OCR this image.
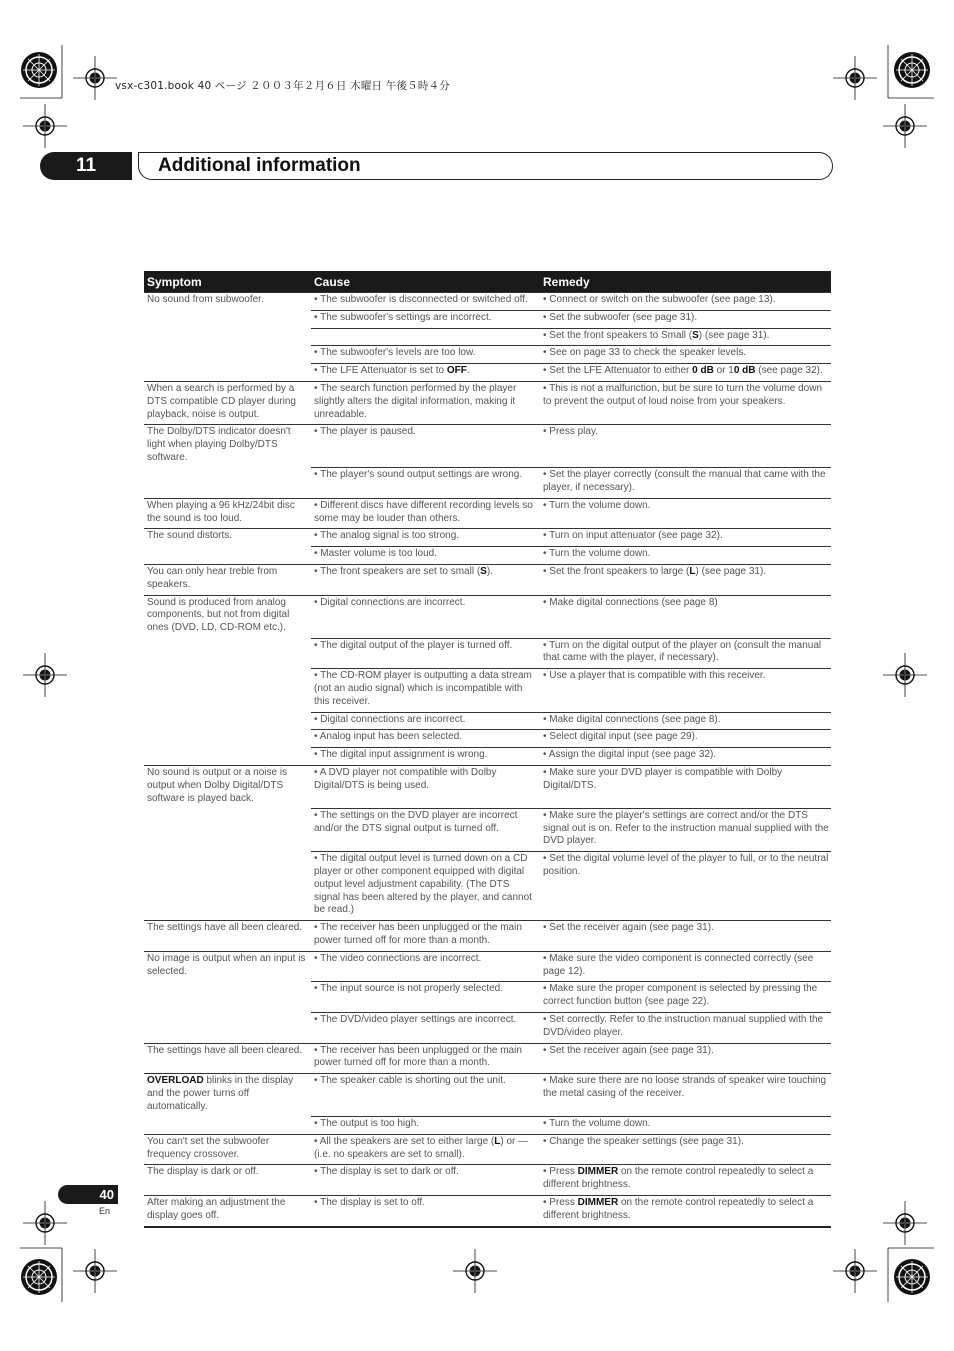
vsx-c301.book 40 ページ ２００３年２月６日 木曜日 午後５時４分
11	Additional information
Symptom	Cause	Remedy
No sound from subwoofer.	• The subwoofer is disconnected or switched off.	• Connect or switch on the subwoofer (see page 13).
	• The subwoofer's settings are incorrect.	• Set the subwoofer (see page 31).
		• Set the front speakers to Small (S) (see page 31).
	• The subwoofer's levels are too low.	• See on page 33 to check the speaker levels.
	• The LFE Attenuator is set to OFF.	• Set the LFE Attenuator to either 0 dB or 10 dB (see page 32).
When a search is performed by a DTS compatible CD player during playback, noise is output.	• The search function performed by the player slightly alters the digital information, making it unreadable.	• This is not a malfunction, but be sure to turn the volume down to prevent the output of loud noise from your speakers.
The Dolby/DTS indicator doesn't light when playing Dolby/DTS software.	• The player is paused.	• Press play.
	• The player's sound output settings are wrong.	• Set the player correctly (consult the manual that came with the player, if necessary).
When playing a 96 kHz/24bit disc the sound is too loud.	• Different discs have different recording levels so some may be louder than others.	• Turn the volume down.
The sound distorts.	• The analog signal is too strong.	• Turn on input attenuator (see page 32).
	• Master volume is too loud.	• Turn the volume down.
You can only hear treble from speakers.	• The front speakers are set to small (S).	• Set the front speakers to large (L) (see page 31).
Sound is produced from analog components, but not from digital ones (DVD, LD, CD-ROM etc.).	• Digital connections are incorrect.	• Make digital connections (see page 8)
	• The digital output of the player is turned off.	• Turn on the digital output of the player on (consult the manual that came with the player, if necessary).
	• The CD-ROM player is outputting a data stream (not an audio signal) which is incompatible with this receiver.	• Use a player that is compatible with this receiver.
	• Digital connections are incorrect.	• Make digital connections (see page 8).
	• Analog input has been selected.	• Select digital input (see page 29).
	• The digital input assignment is wrong.	• Assign the digital input (see page 32).
No sound is output or a noise is output when Dolby Digital/DTS software is played back.	• A DVD player not compatible with Dolby Digital/DTS is being used.	• Make sure your DVD player is compatible with Dolby Digital/DTS.
	• The settings on the DVD player are incorrect and/or the DTS signal output is turned off.	• Make sure the player's settings are correct and/or the DTS signal out is on. Refer to the instruction manual supplied with the DVD player.
	• The digital output level is turned down on a CD player or other component equipped with digital output level adjustment capability. (The DTS signal has been altered by the player, and cannot be read.)	• Set the digital volume level of the player to full, or to the neutral position.
The settings have all been cleared.	• The receiver has been unplugged or the main power turned off for more than a month.	• Set the receiver again (see page 31).
No image is output when an input is selected.	• The video connections are incorrect.	• Make sure the video component is connected correctly (see page 12).
	• The input source is not properly selected.	• Make sure the proper component is selected by pressing the correct function button (see page 22).
	• The DVD/video player settings are incorrect.	• Set correctly. Refer to the instruction manual supplied with the DVD/video player.
The settings have all been cleared.	• The receiver has been unplugged or the main power turned off for more than a month.	• Set the receiver again (see page 31).
OVERLOAD blinks in the display and the power turns off automatically.	• The speaker cable is shorting out the unit.	• Make sure there are no loose strands of speaker wire touching the metal casing of the receiver.
	• The output is too high.	• Turn the volume down.
You can't set the subwoofer frequency crossover.	• All the speakers are set to either large (L) or — (i.e. no speakers are set to small).	• Change the speaker settings (see page 31).
The display is dark or off.	• The display is set to dark or off.	• Press DIMMER on the remote control repeatedly to select a different brightness.
After making an adjustment the display goes off.	• The display is set to off.	• Press DIMMER on the remote control repeatedly to select a different brightness.
40
En
